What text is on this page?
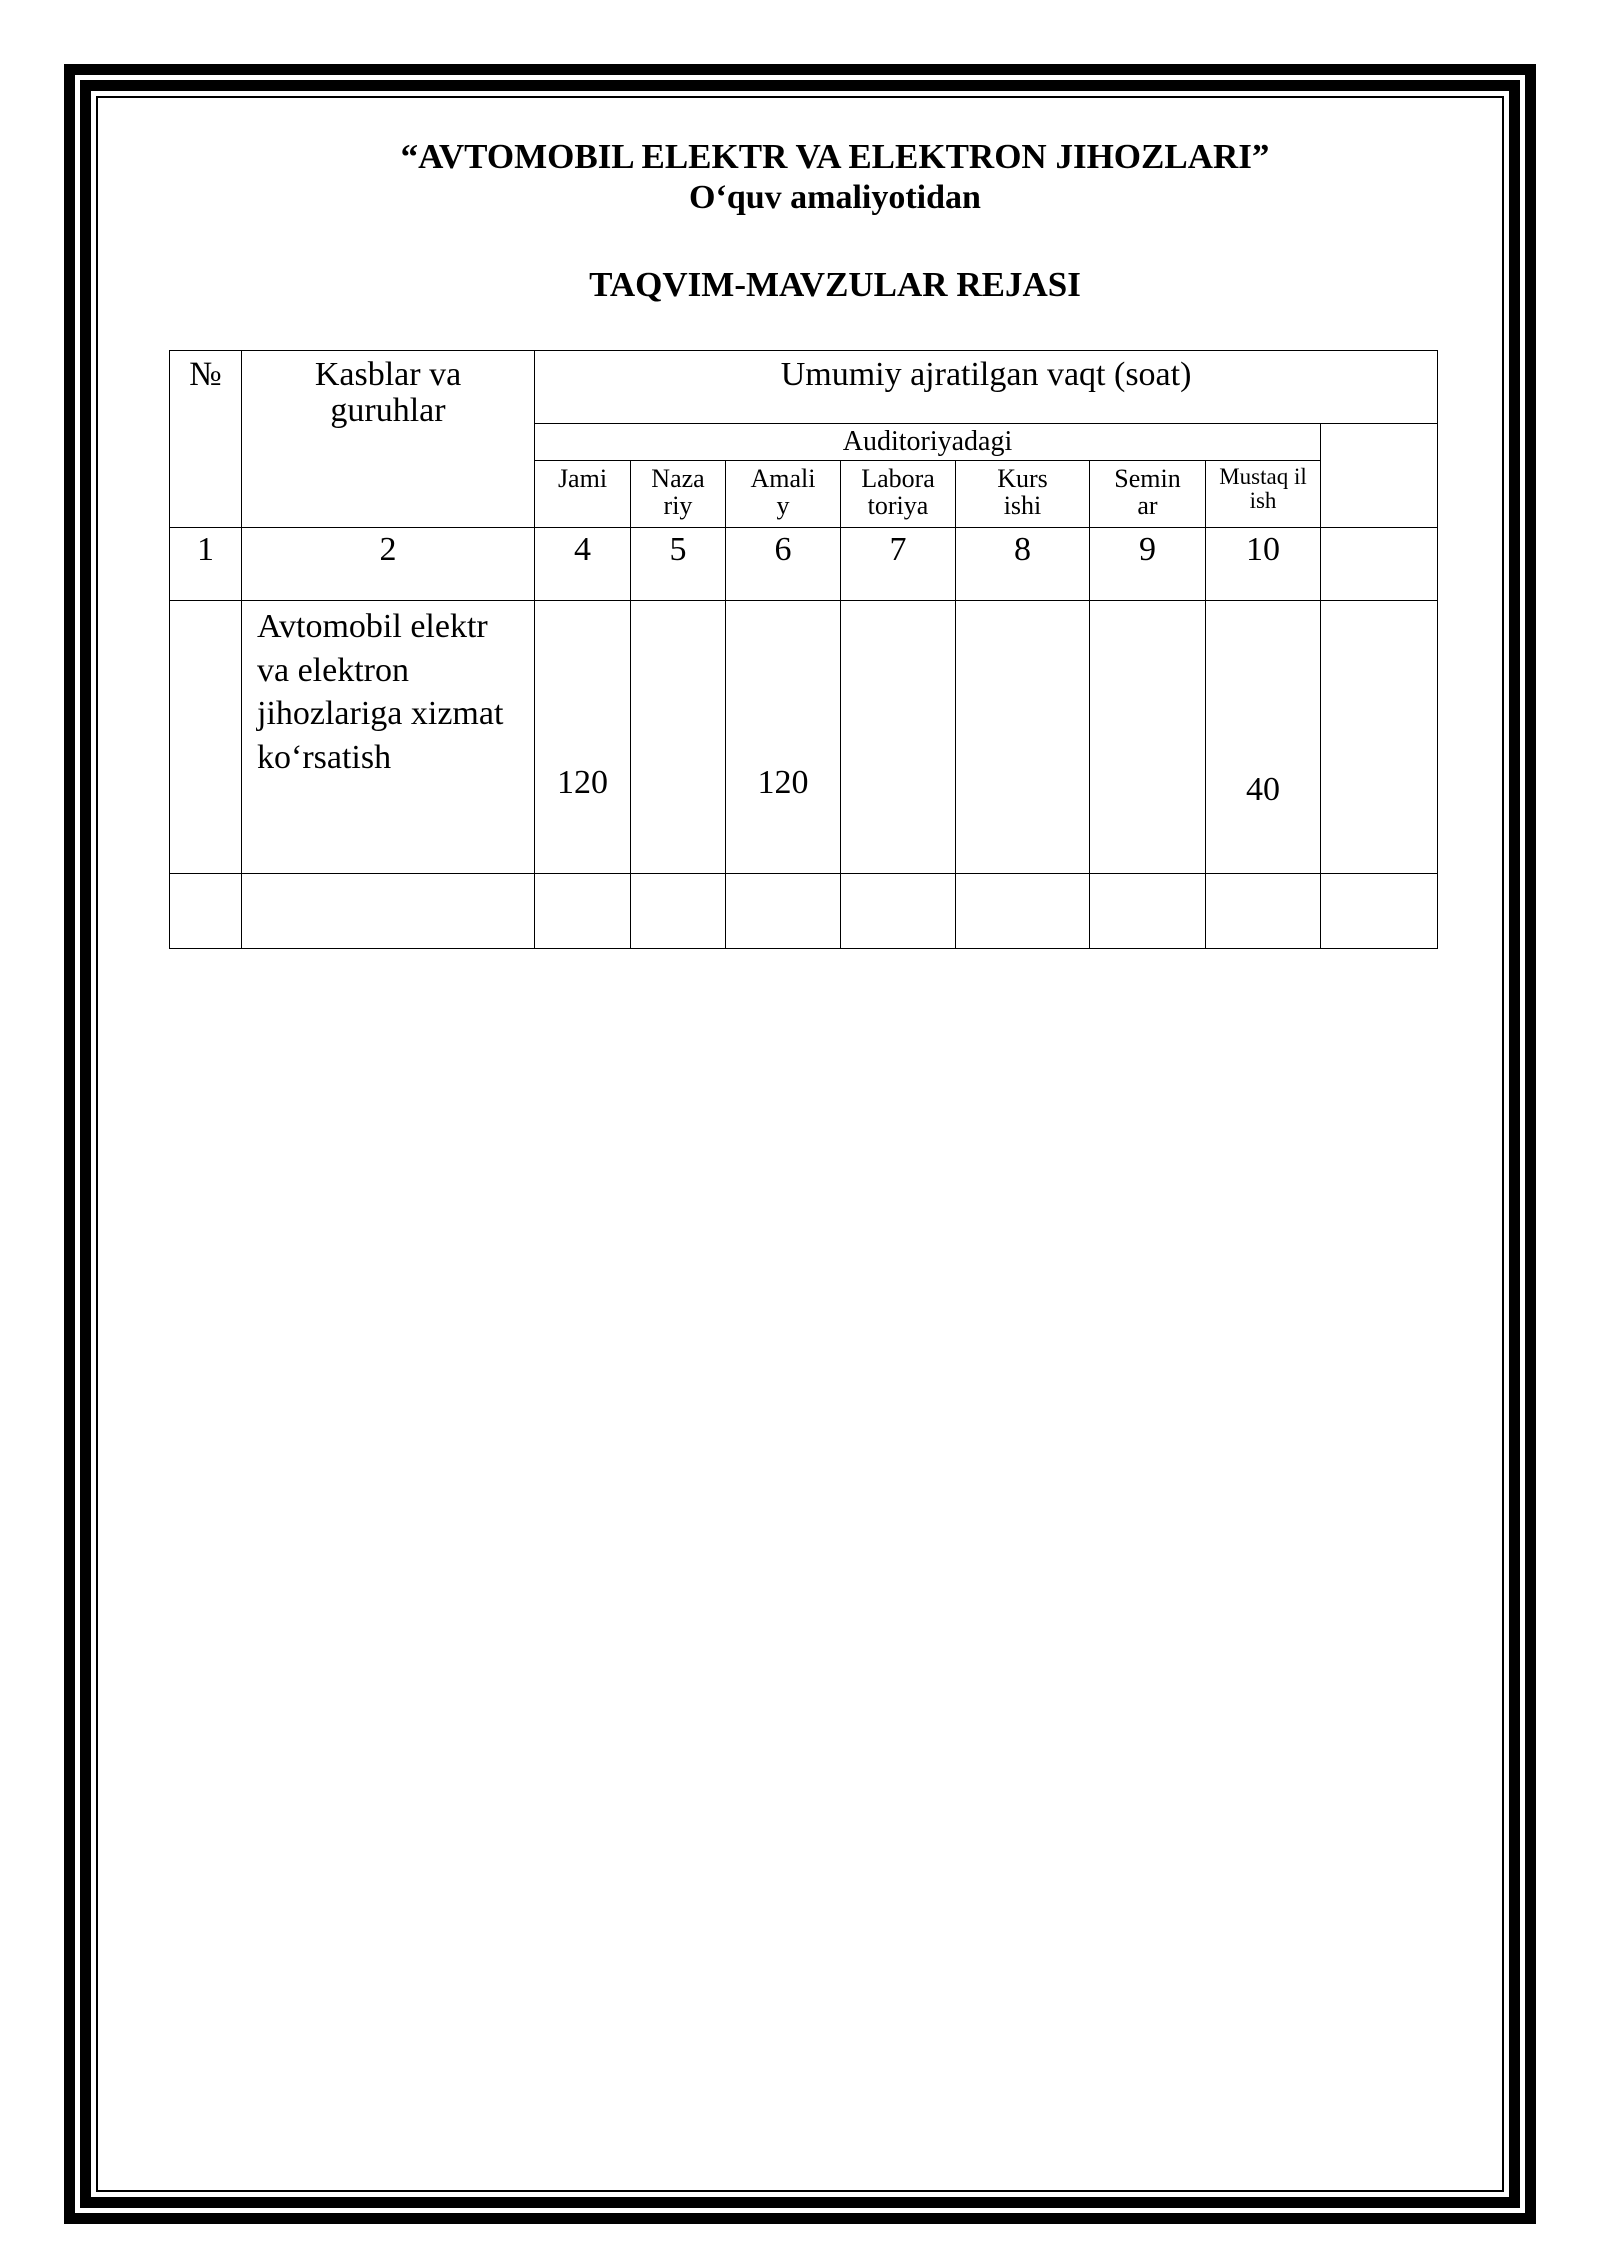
“AVTOMOBIL ELEKTR VA ELEKTRON JIHOZLARI”
O‘quv amaliyotidan
TAQVIM-MAVZULAR REJASI
№	Kasblar va guruhlar	Umumiy ajratilgan vaqt (soat)							
		Auditoriyadagi							
		Jami	Naza riy	Amali y	Labora toriya	Kurs ishi	Semin ar	Mustaq il ish	
1	2	4	5	6	7	8	9	10	
	Avtomobil elektr va elektron jihozlariga xizmat ko‘rsatish	120		120				40	
